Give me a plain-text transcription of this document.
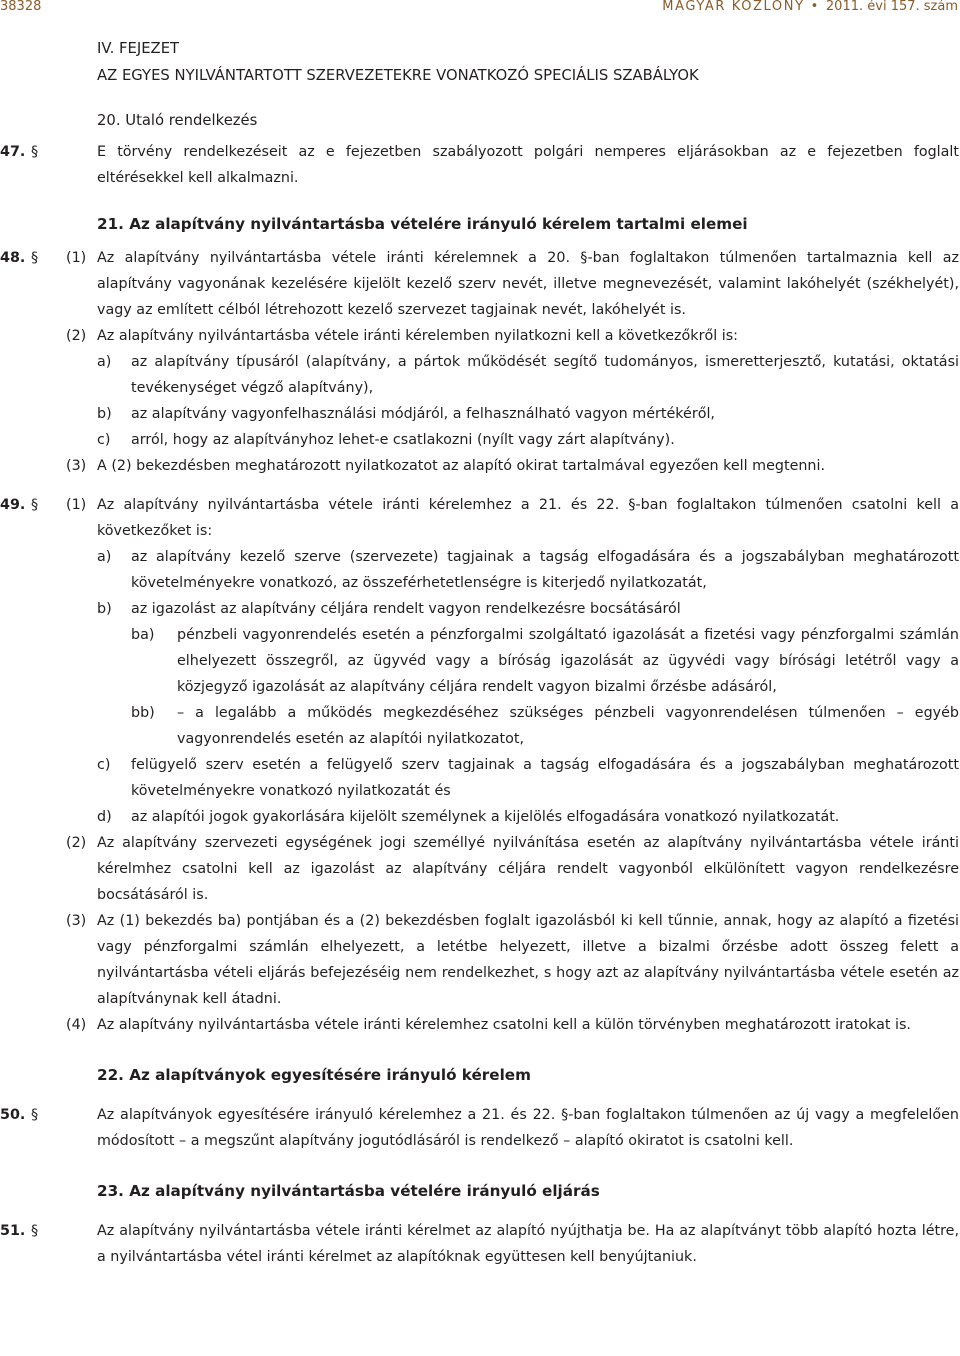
38328	MAGYAR KÖZLÖNY • 2011. évi 157. szám
IV. FEJEZET
AZ EGYES NYILVÁNTARTOTT SZERVEZETEKRE VONATKOZÓ SPECIÁLIS SZABÁLYOK
20. Utaló rendelkezés
47. §	E törvény rendelkezéseit az e fejezetben szabályozott polgári nemperes eljárásokban az e fejezetben foglalt eltérésekkel kell alkalmazni.
21. Az alapítvány nyilvántartásba vételére irányuló kérelem tartalmi elemei
48. § (1) Az alapítvány nyilvántartásba vétele iránti kérelemnek a 20. §-ban foglaltakon túlmenően tartalmaznia kell az alapítvány vagyonának kezelésére kijelölt kezelő szerv nevét, illetve megnevezését, valamint lakóhelyét (székhelyét), vagy az említett célból létrehozott kezelő szervezet tagjainak nevét, lakóhelyét is.
(2) Az alapítvány nyilvántartásba vétele iránti kérelemben nyilatkozni kell a következőkről is:
a) az alapítvány típusáról (alapítvány, a pártok működését segítő tudományos, ismeretterjesztő, kutatási, oktatási tevékenységet végző alapítvány),
b) az alapítvány vagyonfelhasználási módjáról, a felhasználható vagyon mértékéről,
c) arról, hogy az alapítványhoz lehet-e csatlakozni (nyílt vagy zárt alapítvány).
(3) A (2) bekezdésben meghatározott nyilatkozatot az alapító okirat tartalmával egyezően kell megtenni.
49. § (1) Az alapítvány nyilvántartásba vétele iránti kérelemhez a 21. és 22. §-ban foglaltakon túlmenően csatolni kell a következőket is:
a) az alapítvány kezelő szerve (szervezete) tagjainak a tagság elfogadására és a jogszabályban meghatározott követelményekre vonatkozó, az összeférhetetlenségre is kiterjedő nyilatkozatát,
b) az igazolást az alapítvány céljára rendelt vagyon rendelkezésre bocsátásáról
ba) pénzbeli vagyonrendelés esetén a pénzforgalmi szolgáltató igazolását a fizetési vagy pénzforgalmi számlán elhelyezett összegről, az ügyvéd vagy a bíróság igazolását az ügyvédi vagy bírósági letétről vagy a közjegyző igazolását az alapítvány céljára rendelt vagyon bizalmi őrzésbe adásáról,
bb) – a legalább a működés megkezdéséhez szükséges pénzbeli vagyonrendelésen túlmenően – egyéb vagyonrendelés esetén az alapítói nyilatkozatot,
c) felügyelő szerv esetén a felügyelő szerv tagjainak a tagság elfogadására és a jogszabályban meghatározott követelményekre vonatkozó nyilatkozatát és
d) az alapítói jogok gyakorlására kijelölt személynek a kijelölés elfogadására vonatkozó nyilatkozatát.
(2) Az alapítvány szervezeti egységének jogi személlyé nyilvánítása esetén az alapítvány nyilvántartásba vétele iránti kérelmhez csatolni kell az igazolást az alapítvány céljára rendelt vagyonból elkülönített vagyon rendelkezésre bocsátásáról is.
(3) Az (1) bekezdés ba) pontjában és a (2) bekezdésben foglalt igazolásból ki kell tűnnie, annak, hogy az alapító a fizetési vagy pénzforgalmi számlán elhelyezett, a letétbe helyezett, illetve a bizalmi őrzésbe adott összeg felett a nyilvántartásba vételi eljárás befejezéséig nem rendelkezhet, s hogy azt az alapítvány nyilvántartásba vétele esetén az alapítványnak kell átadni.
(4) Az alapítvány nyilvántartásba vétele iránti kérelemhez csatolni kell a külön törvényben meghatározott iratokat is.
22. Az alapítványok egyesítésére irányuló kérelem
50. §	Az alapítványok egyesítésére irányuló kérelemhez a 21. és 22. §-ban foglaltakon túlmenően az új vagy a megfelelően módosított – a megszűnt alapítvány jogutódlásáról is rendelkező – alapító okiratot is csatolni kell.
23. Az alapítvány nyilvántartásba vételére irányuló eljárás
51. §	Az alapítvány nyilvántartásba vétele iránti kérelmet az alapító nyújthatja be. Ha az alapítványt több alapító hozta létre, a nyilvántartásba vétel iránti kérelmet az alapítóknak együttesen kell benyújtaniuk.
